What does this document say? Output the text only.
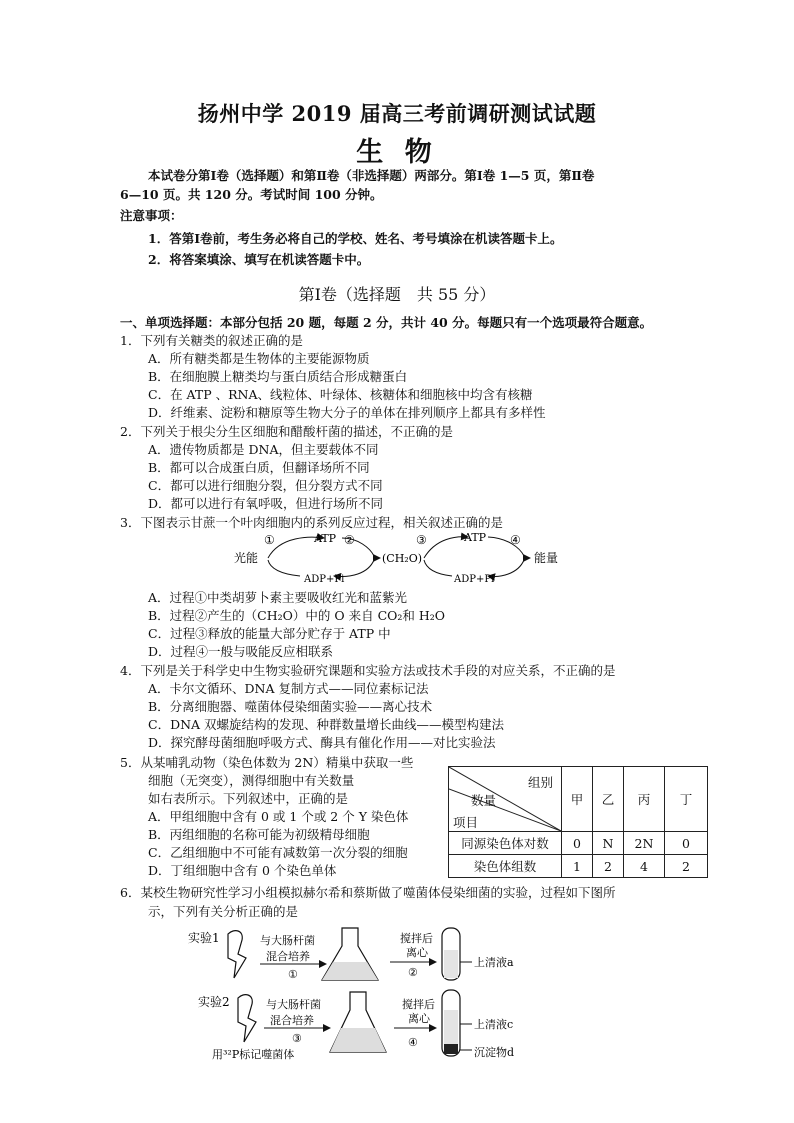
扬州中学 2019 届高三考前调研测试试题
生 物
本试卷分第Ⅰ卷（选择题）和第Ⅱ卷（非选择题）两部分。第Ⅰ卷 1—5 页，第Ⅱ卷
6—10 页。共 120 分。考试时间 100 分钟。
注意事项：
1．答第Ⅰ卷前，考生务必将自己的学校、姓名、考号填涂在机读答题卡上。
2．将答案填涂、填写在机读答题卡中。
第Ⅰ卷（选择题　共 55 分）
一、单项选择题：本部分包括 20 题，每题 2 分，共计 40 分。每题只有一个选项最符合题意。
1．下列有关糖类的叙述正确的是
A．所有糖类都是生物体的主要能源物质
B．在细胞膜上糖类均与蛋白质结合形成糖蛋白
C．在 ATP 、RNA、线粒体、叶绿体、核糖体和细胞核中均含有核糖
D．纤维素、淀粉和糖原等生物大分子的单体在排列顺序上都具有多样性
2．下列关于根尖分生区细胞和醋酸杆菌的描述，不正确的是
A．遗传物质都是 DNA，但主要载体不同
B．都可以合成蛋白质，但翻译场所不同
C．都可以进行细胞分裂，但分裂方式不同
D．都可以进行有氧呼吸，但进行场所不同
3．下图表示甘蔗一个叶肉细胞内的系列反应过程，相关叙述正确的是
光能
①	ATP
ADP+Pi
②
(CH₂O)
③	ATP
ADP+Pi
④
能量
A．过程①中类胡萝卜素主要吸收红光和蓝紫光
B．过程②产生的（CH₂O）中的 O 来自 CO₂和 H₂O
C．过程③释放的能量大部分贮存于 ATP 中
D．过程④一般与吸能反应相联系
4．下列是关于科学史中生物实验研究课题和实验方法或技术手段的对应关系，不正确的是
A．卡尔文循环、DNA 复制方式——同位素标记法
B．分离细胞器、噬菌体侵染细菌实验——离心技术
C．DNA 双螺旋结构的发现、种群数量增长曲线——模型构建法
D．探究酵母菌细胞呼吸方式、酶具有催化作用——对比实验法
5．从某哺乳动物（染色体数为 2N）精巢中获取一些
细胞（无突变），测得细胞中有关数量
如右表所示。下列叙述中，正确的是
A．甲组细胞中含有 0 或 1 个或 2 个 Y 染色体
B．丙组细胞的名称可能为初级精母细胞
C．乙组细胞中不可能有减数第一次分裂的细胞
D．丁组细胞中含有 0 个染色单体
组别
数量
项目	甲	乙	丙	丁
同源染色体对数	0	N	2N	0
染色体组数	1	2	4	2
6．某校生物研究性学习小组模拟赫尔希和蔡斯做了噬菌体侵染细菌的实验，过程如下图所
示，下列有关分析正确的是
实验1	与大肠杆菌
混合培养
①
搅拌后
离心
②
上清液a
实验2	与大肠杆菌
混合培养
③
搅拌后
离心
④
上清液c
沉淀物d
用³²P标记噬菌体
